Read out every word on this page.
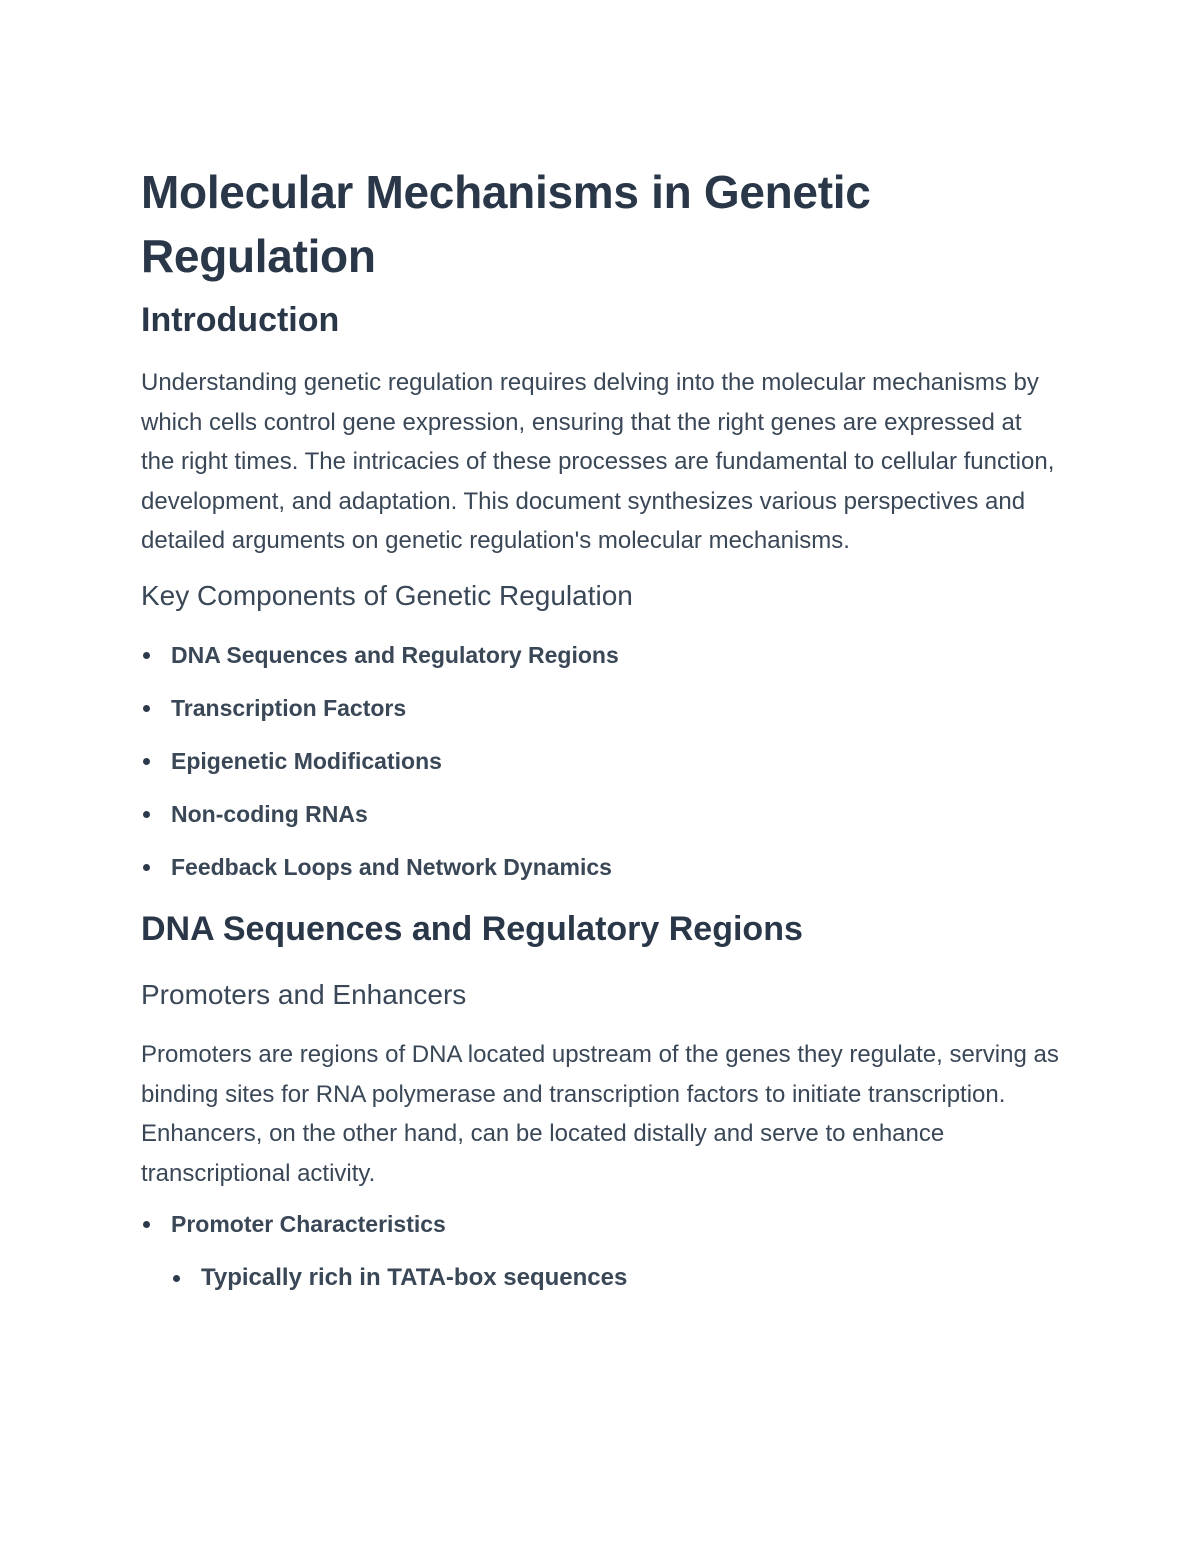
Molecular Mechanisms in Genetic Regulation
Introduction

Understanding genetic regulation requires delving into the molecular mechanisms by which cells control gene expression, ensuring that the right genes are expressed at the right times. The intricacies of these processes are fundamental to cellular function, development, and adaptation. This document synthesizes various perspectives and detailed arguments on genetic regulation's molecular mechanisms.

Key Components of Genetic Regulation
DNA Sequences and Regulatory Regions
Transcription Factors
Epigenetic Modifications
Non-coding RNAs
Feedback Loops and Network Dynamics
DNA Sequences and Regulatory Regions
Promoters and Enhancers

Promoters are regions of DNA located upstream of the genes they regulate, serving as binding sites for RNA polymerase and transcription factors to initiate transcription. Enhancers, on the other hand, can be located distally and serve to enhance transcriptional activity.

Promoter Characteristics
Typically rich in TATA-box sequences
